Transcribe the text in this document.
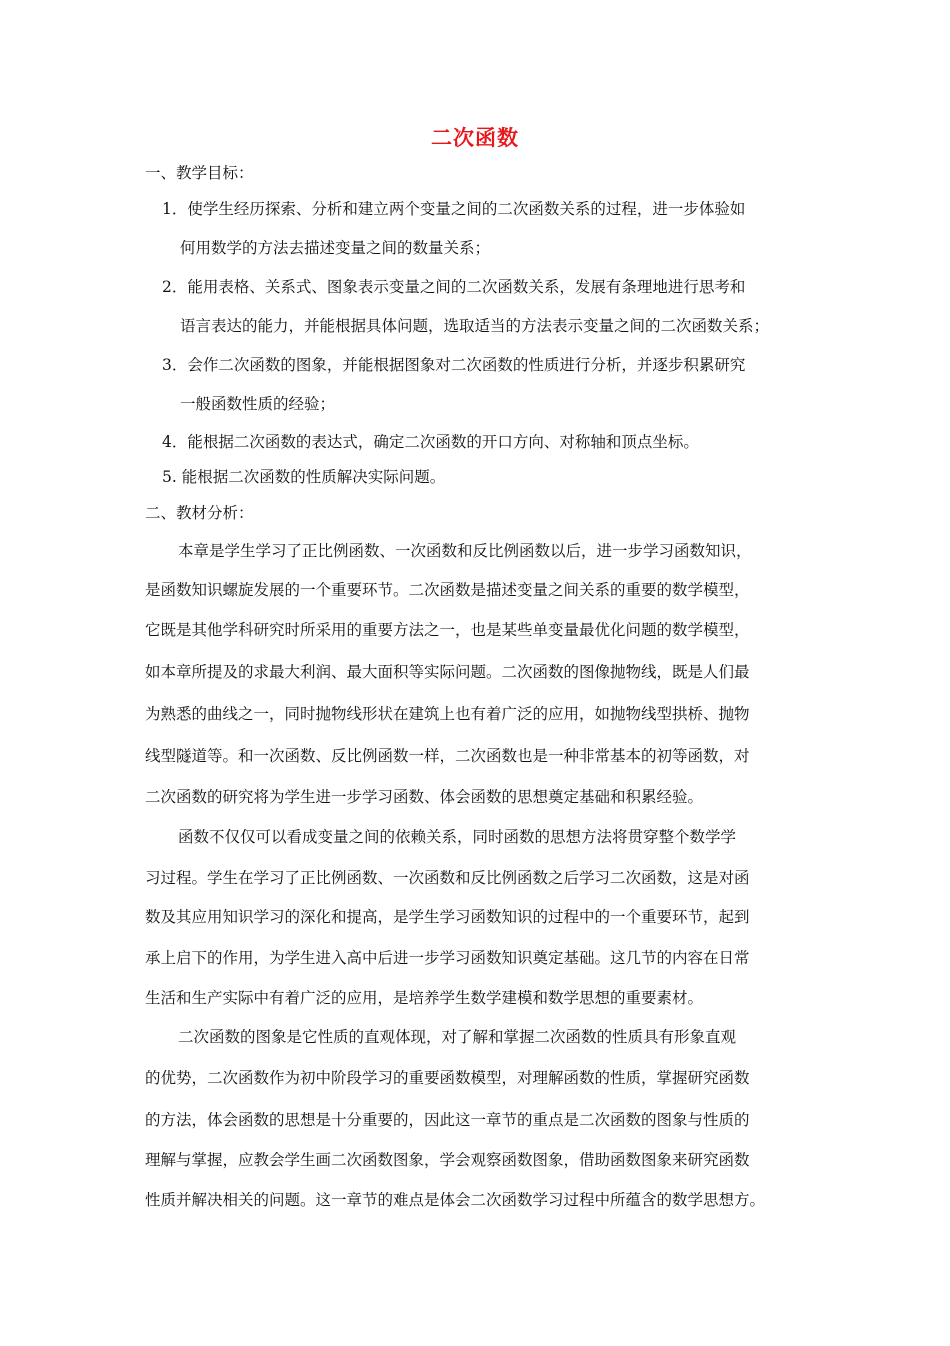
二次函数
一、教学目标：
1．使学生经历探索、分析和建立两个变量之间的二次函数关系的过程，进一步体验如
何用数学的方法去描述变量之间的数量关系；
2．能用表格、关系式、图象表示变量之间的二次函数关系，发展有条理地进行思考和
语言表达的能力，并能根据具体问题，选取适当的方法表示变量之间的二次函数关系；
3．会作二次函数的图象，并能根据图象对二次函数的性质进行分析，并逐步积累研究
一般函数性质的经验；
4．能根据二次函数的表达式，确定二次函数的开口方向、对称轴和顶点坐标。
5. 能根据二次函数的性质解决实际问题。
二、教材分析：
本章是学生学习了正比例函数、一次函数和反比例函数以后，进一步学习函数知识，
是函数知识螺旋发展的一个重要环节。二次函数是描述变量之间关系的重要的数学模型，
它既是其他学科研究时所采用的重要方法之一，也是某些单变量最优化问题的数学模型，
如本章所提及的求最大利润、最大面积等实际问题。二次函数的图像抛物线，既是人们最
为熟悉的曲线之一，同时抛物线形状在建筑上也有着广泛的应用，如抛物线型拱桥、抛物
线型隧道等。和一次函数、反比例函数一样，二次函数也是一种非常基本的初等函数，对
二次函数的研究将为学生进一步学习函数、体会函数的思想奠定基础和积累经验。
函数不仅仅可以看成变量之间的依赖关系，同时函数的思想方法将贯穿整个数学学
习过程。学生在学习了正比例函数、一次函数和反比例函数之后学习二次函数，这是对函
数及其应用知识学习的深化和提高，是学生学习函数知识的过程中的一个重要环节，起到
承上启下的作用，为学生进入高中后进一步学习函数知识奠定基础。这几节的内容在日常
生活和生产实际中有着广泛的应用，是培养学生数学建模和数学思想的重要素材。
二次函数的图象是它性质的直观体现，对了解和掌握二次函数的性质具有形象直观
的优势，二次函数作为初中阶段学习的重要函数模型，对理解函数的性质，掌握研究函数
的方法，体会函数的思想是十分重要的，因此这一章节的重点是二次函数的图象与性质的
理解与掌握，应教会学生画二次函数图象，学会观察函数图象，借助函数图象来研究函数
性质并解决相关的问题。这一章节的难点是体会二次函数学习过程中所蕴含的数学思想方。
